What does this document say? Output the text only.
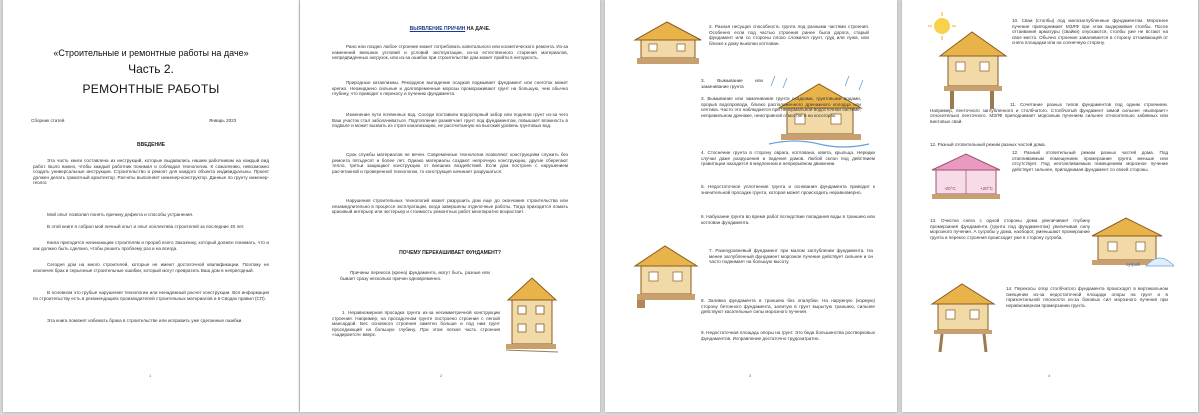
«Строительные и ремонтные работы на даче»
Часть 2.
РЕМОНТНЫЕ РАБОТЫ
Сборник статей	Январь 2023
ВВЕДЕНИЕ
Эта часть книги составлена из инструкций, которые выдавались нашим работникам на каждый вид работ. Было важно, чтобы каждый работник понимал и соблюдал технологию. К сожалению, невозможно создать универсальные инструкции. Строительство и ремонт для каждого объекта индивидуальны. Проект должен делать грамотный архитектор. Расчеты выполняет инженер-конструктор. Данные по грунту инженер-геолог.
Мой опыт позволил понять причину дефекта и способы устранения.
В этой книге я собрал мой личный опыт и опыт коллектива строителей за последние 40 лет.
Книга пригодится начинающим строителям и прораб всего Заказчику, который должен понимать, что и как должно быть сделано, чтобы решить проблему раз и на всегда.
Сегодня дом на много строителей, которые не имеют достаточной квалификации. Поэтому не исключен брак и серьезные строительные ошибки, который могут превратить Ваш дом в непригодный.
В основном это грубые нарушения технологии или ненадежный расчет конструкции. Вся информация по строительству есть в рекомендациях производителей строительных материалов и в Сводах правил (СП).
Эта книга поможет избежать брака в строительстве или исправить уже сделанные ошибки.
1
ВЫЯВЛЕНИЕ ПРИЧИН НА ДАЧЕ.
Рано или поздно любое строение может потребовать капитального или косметического ремонта. Из-за изменений внешних условий и условий эксплуатации, из-за естественного старения материалов, непредвиденных нагрузок, или из-за ошибок при строительстве дом может прийти в негодность.
Природные катаклизмы. Рекордное выпадение осадков подмывает фундамент или снеготок может крепко. Неожиданно сильные и долговременные морозы промораживают грунт на большую, чем обычно глубину, что приводит к перекосу и пучению фундамента.
Изменение пути почвенных вод. Соседи поставили водоупорный забор или подняли грунт из-за чего Ваш участок стал заболачиваться. Подтопление размягчает грунт под фундаментом, повышает влажность в подвале и может вызвать из строя канализацию, не рассчитанную на высокий уровень грунтовых вод.
Срок службы материалов не вечен. Современные технологии позволяют конструкциям служить без ремонта пятьдесят и более лет. Однако материалы создают непрочную конструкцию, другие сберегают тепло, третьи защищают конструкцию от внешних воздействий. Если дом построен с нарушением расчетанной и проверенной технологии, то конструкция начинает разрушаться.
Нарушения строительных технологий может разрушить дом еще до окончания строительства или незамедлительно в процессе эксплуатации, когда завершены отделочные работы. Тогда приходится ломать красивый интерьер или экстерьер и стоимость ремонтных работ многократно возрастает.
ПОЧЕМУ ПЕРЕКАШИВАЕТ ФУНДАМЕНТ?
Причины перекоса (крена) фундамента, могут быть, разные или бывает сразу несколько причин одновременно.
1. Неравномерная просадка грунта из-за несимметричной конструкции строения. Например, на просадочном грунте построено строение с легкой мансардой. Вес основного строения заметно больше и под ним грунт проседающий на большую глубину. При этом легкая часть строения «задирается» вверх.
2
2. Разная несущая способность грунта под разными частями строения. Особенно если под частью строения ранее была дорога, старый фундамент или со стороны плохо сложился грунт, груд или лужа, или близко к дому выкопан котлован.
3. Вымывание или замачивание грунта
3. Вымывание или замачивание грунта осадками, грунтовыми водами, прорыв водопровода, близко расположенного дренажного колодца или септика. Часто это наблюдается при ненормальной водосточной системе, неправильном дренаже, неисправной отмостке и на косогорах.
4. Стоснение грунта в сторону оврага, котлована, ювета, крыльца. Нередки случаи даже разрушения и падения домов. Любой склон под действием гравитации находится в медленном и непрерывном движении.
5. Недостаточное уплотнение грунта и основания фундамента приводит к значительной просадке грунта, которая может происходить неравномерно.
6. Набухание грунта во время работ вследствие попадания воды в траншею или котлован фундамента.
7. Разноуровневый фундамент при малом заглублении фундамента. На менее заглубленный фундамент морозное пучение действует сильнее и он часто поднимает на большую высоту.
8. Заливка фундамента в траншею без опалубки. На наружную (кормую) сторону бетонного фундамента, залитую в грунт вырытую траншею, сильнее действуют касательные силы морозного пучения.
9. Недостаточная площадь опоры на грунт. Это беда большинства ростверковых фундаментов. Исправление достаточно трудозатратно.
3
10. Сваи (столбы) под малозаглубленные фундаментом. Морозное пучение приподнимает МЗЛФ при этом выдерживая столбы. После оттаивания арматуры (свайки) опускаются, столбы уже не встают на свое место. Обычно строение заваливается в сторону оттаивающей от снега площадки или на солнечную сторону.
11. Сочетание разных типов фундаментов под одним строением. Например, ленточного заглубленного и столбчатого. Столбчатый фундамент зимой сильнее «выпирает» относительно ленточного. МЗЛФ приподнимает морозным пучением сильнее относительно забивных или винтовых свай.
12. Разный отопительный режим разных частей дома.
-20°C	+20°C
12. Разный отопительный режим разных частей дома. Под отапливаемым помещением промерзание грунта меньше или отсутствует. Под неотапливаемым помещением морозное пучение действует сильнее, приподнимая фундамент со своей стороны.
сугроб
13. Очистка снега с одной стороны дома увеличивает глубину промерзания фундамента (грунта под фундаментом) увеличивая силу морозного пучения. А сугробы у дома, наоборот, уменьшают промерзание грунта и перекос строения происходит уже в сторону сугроба.
14. Перекосы опор столбчатого фундамента происходят в вертикальном смещении из-за недостаточной площади опоры на грунт и в горизонтальной плоскости из-за боковых сил морозного пучения при неравномерном промерзании грунта.
4
